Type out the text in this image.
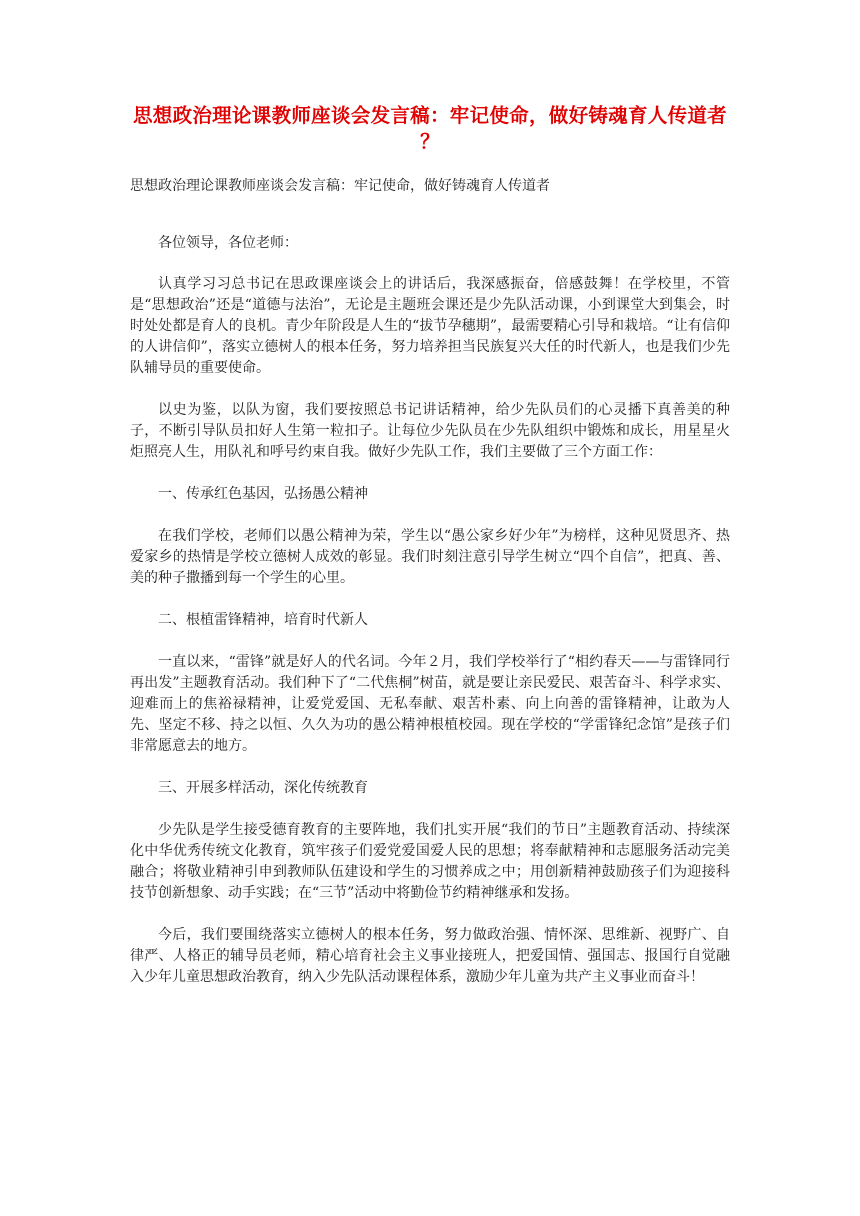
思想政治理论课教师座谈会发言稿：牢记使命，做好铸魂育人传道者 ？

思想政治理论课教师座谈会发言稿：牢记使命，做好铸魂育人传道者

各位领导，各位老师：

认真学习习总书记在思政课座谈会上的讲话后，我深感振奋，倍感鼓舞！在学校里，不管是“思想政治”还是“道德与法治”，无论是主题班会课还是少先队活动课，小到课堂大到集会，时时处处都是育人的良机。青少年阶段是人生的“拔节孕穗期”，最需要精心引导和栽培。“让有信仰的人讲信仰”，落实立德树人的根本任务，努力培养担当民族复兴大任的时代新人，也是我们少先队辅导员的重要使命。

以史为鉴，以队为窗，我们要按照总书记讲话精神，给少先队员们的心灵播下真善美的种子，不断引导队员扣好人生第一粒扣子。让每位少先队员在少先队组织中锻炼和成长，用星星火炬照亮人生，用队礼和呼号约束自我。做好少先队工作，我们主要做了三个方面工作：

一、传承红色基因，弘扬愚公精神

在我们学校，老师们以愚公精神为荣，学生以“愚公家乡好少年”为榜样，这种见贤思齐、热爱家乡的热情是学校立德树人成效的彰显。我们时刻注意引导学生树立“四个自信”，把真、善、美的种子撒播到每一个学生的心里。

二、根植雷锋精神，培育时代新人

一直以来，“雷锋”就是好人的代名词。今年２月，我们学校举行了“相约春天——与雷锋同行　再出发”主题教育活动。我们种下了“二代焦桐”树苗，就是要让亲民爱民、艰苦奋斗、科学求实、迎难而上的焦裕禄精神，让爱党爱国、无私奉献、艰苦朴素、向上向善的雷锋精神，让敢为人先、坚定不移、持之以恒、久久为功的愚公精神根植校园。现在学校的“学雷锋纪念馆”是孩子们非常愿意去的地方。

三、开展多样活动，深化传统教育

少先队是学生接受德育教育的主要阵地，我们扎实开展“我们的节日”主题教育活动、持续深化中华优秀传统文化教育，筑牢孩子们爱党爱国爱人民的思想；将奉献精神和志愿服务活动完美融合；将敬业精神引申到教师队伍建设和学生的习惯养成之中；用创新精神鼓励孩子们为迎接科技节创新想象、动手实践；在“三节”活动中将勤俭节约精神继承和发扬。

今后，我们要围绕落实立德树人的根本任务，努力做政治强、情怀深、思维新、视野广、自律严、人格正的辅导员老师，精心培育社会主义事业接班人，把爱国情、强国志、报国行自觉融入少年儿童思想政治教育，纳入少先队活动课程体系，激励少年儿童为共产主义事业而奋斗！
